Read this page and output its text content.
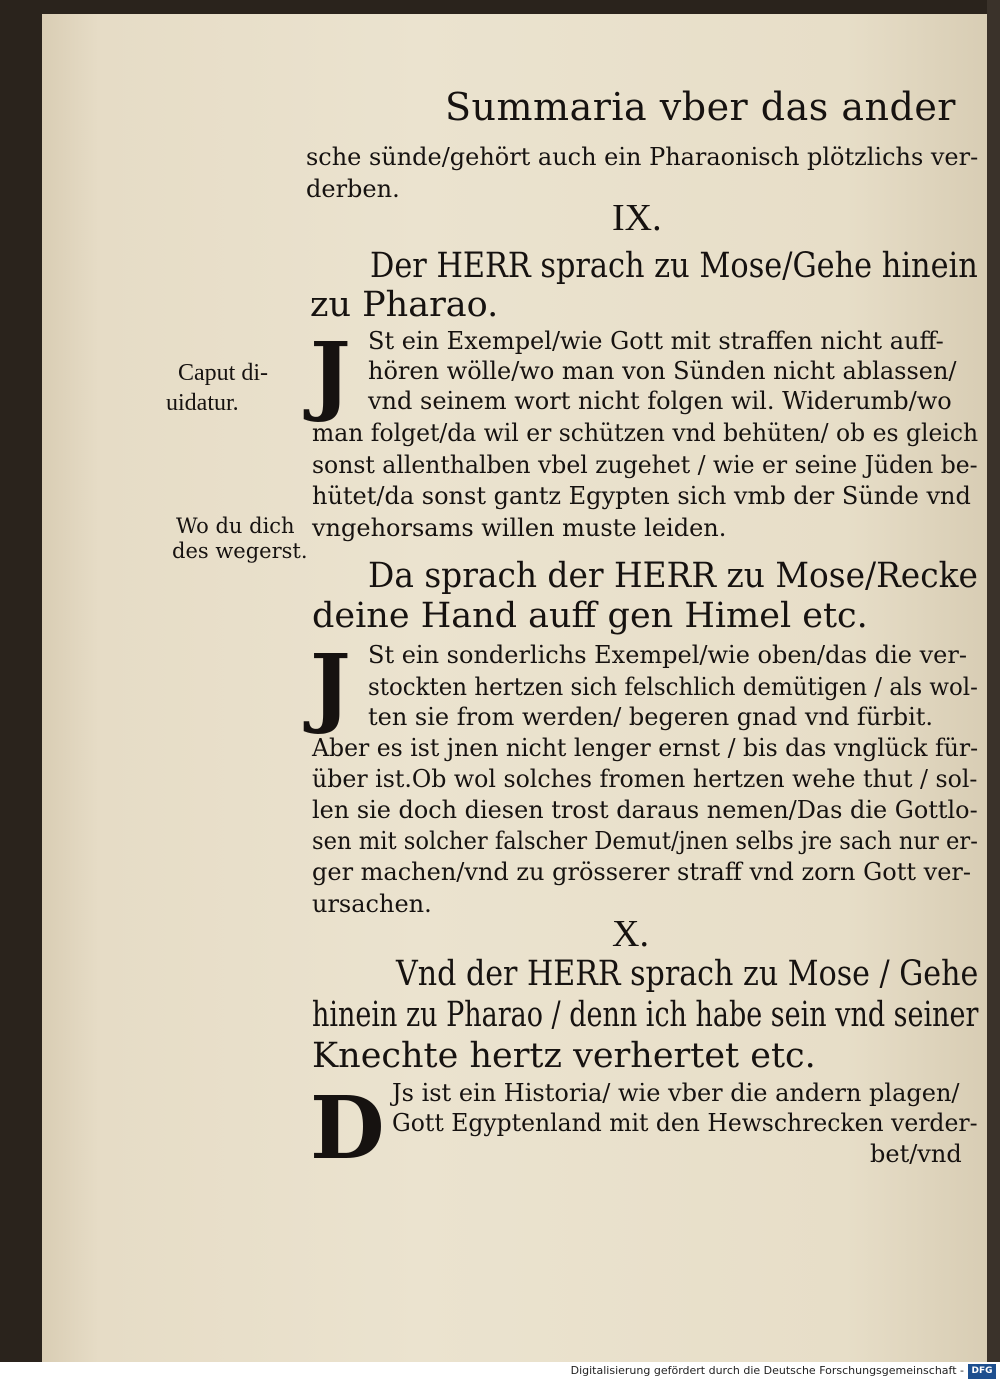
Summaria vber das ander
sche sünde/gehört auch ein Pharaonisch plötzlichs ver-
derben.
IX.
Der HERR sprach zu Mose/Gehe hinein
zu Pharao.
J St ein Exempel/wie Gott mit straffen nicht auff-
hören wölle/wo man von Sünden nicht ablassen/
vnd seinem wort nicht folgen wil. Widerumb/wo
man folget/da wil er schützen vnd behüten/ ob es gleich
sonst allenthalben vbel zugehet / wie er seine Jüden be-
hütet/da sonst gantz Egypten sich vmb der Sünde vnd
vngehorsams willen muste leiden.
Da sprach der HERR zu Mose/Recke
deine Hand auff gen Himel etc.
J St ein sonderlichs Exempel/wie oben/das die ver-
stockten hertzen sich felschlich demütigen / als wol-
ten sie from werden/ begeren gnad vnd fürbit.
Aber es ist jnen nicht lenger ernst / bis das vnglück für-
über ist.Ob wol solches fromen hertzen wehe thut / sol-
len sie doch diesen trost daraus nemen/Das die Gottlo-
sen mit solcher falscher Demut/jnen selbs jre sach nur er-
ger machen/vnd zu grösserer straff vnd zorn Gott ver-
ursachen.
X.
Vnd der HERR sprach zu Mose / Gehe
hinein zu Pharao / denn ich habe sein vnd seiner
Knechte hertz verhertet etc.
D Js ist ein Historia/ wie vber die andern plagen/
Gott Egyptenland mit den Hewschrecken verder-
bet/vnd
Caput di-
uidatur.
Wo du dich
des wegerst.
Digitalisierung gefördert durch die Deutsche Forschungsgemeinschaft - DFG
